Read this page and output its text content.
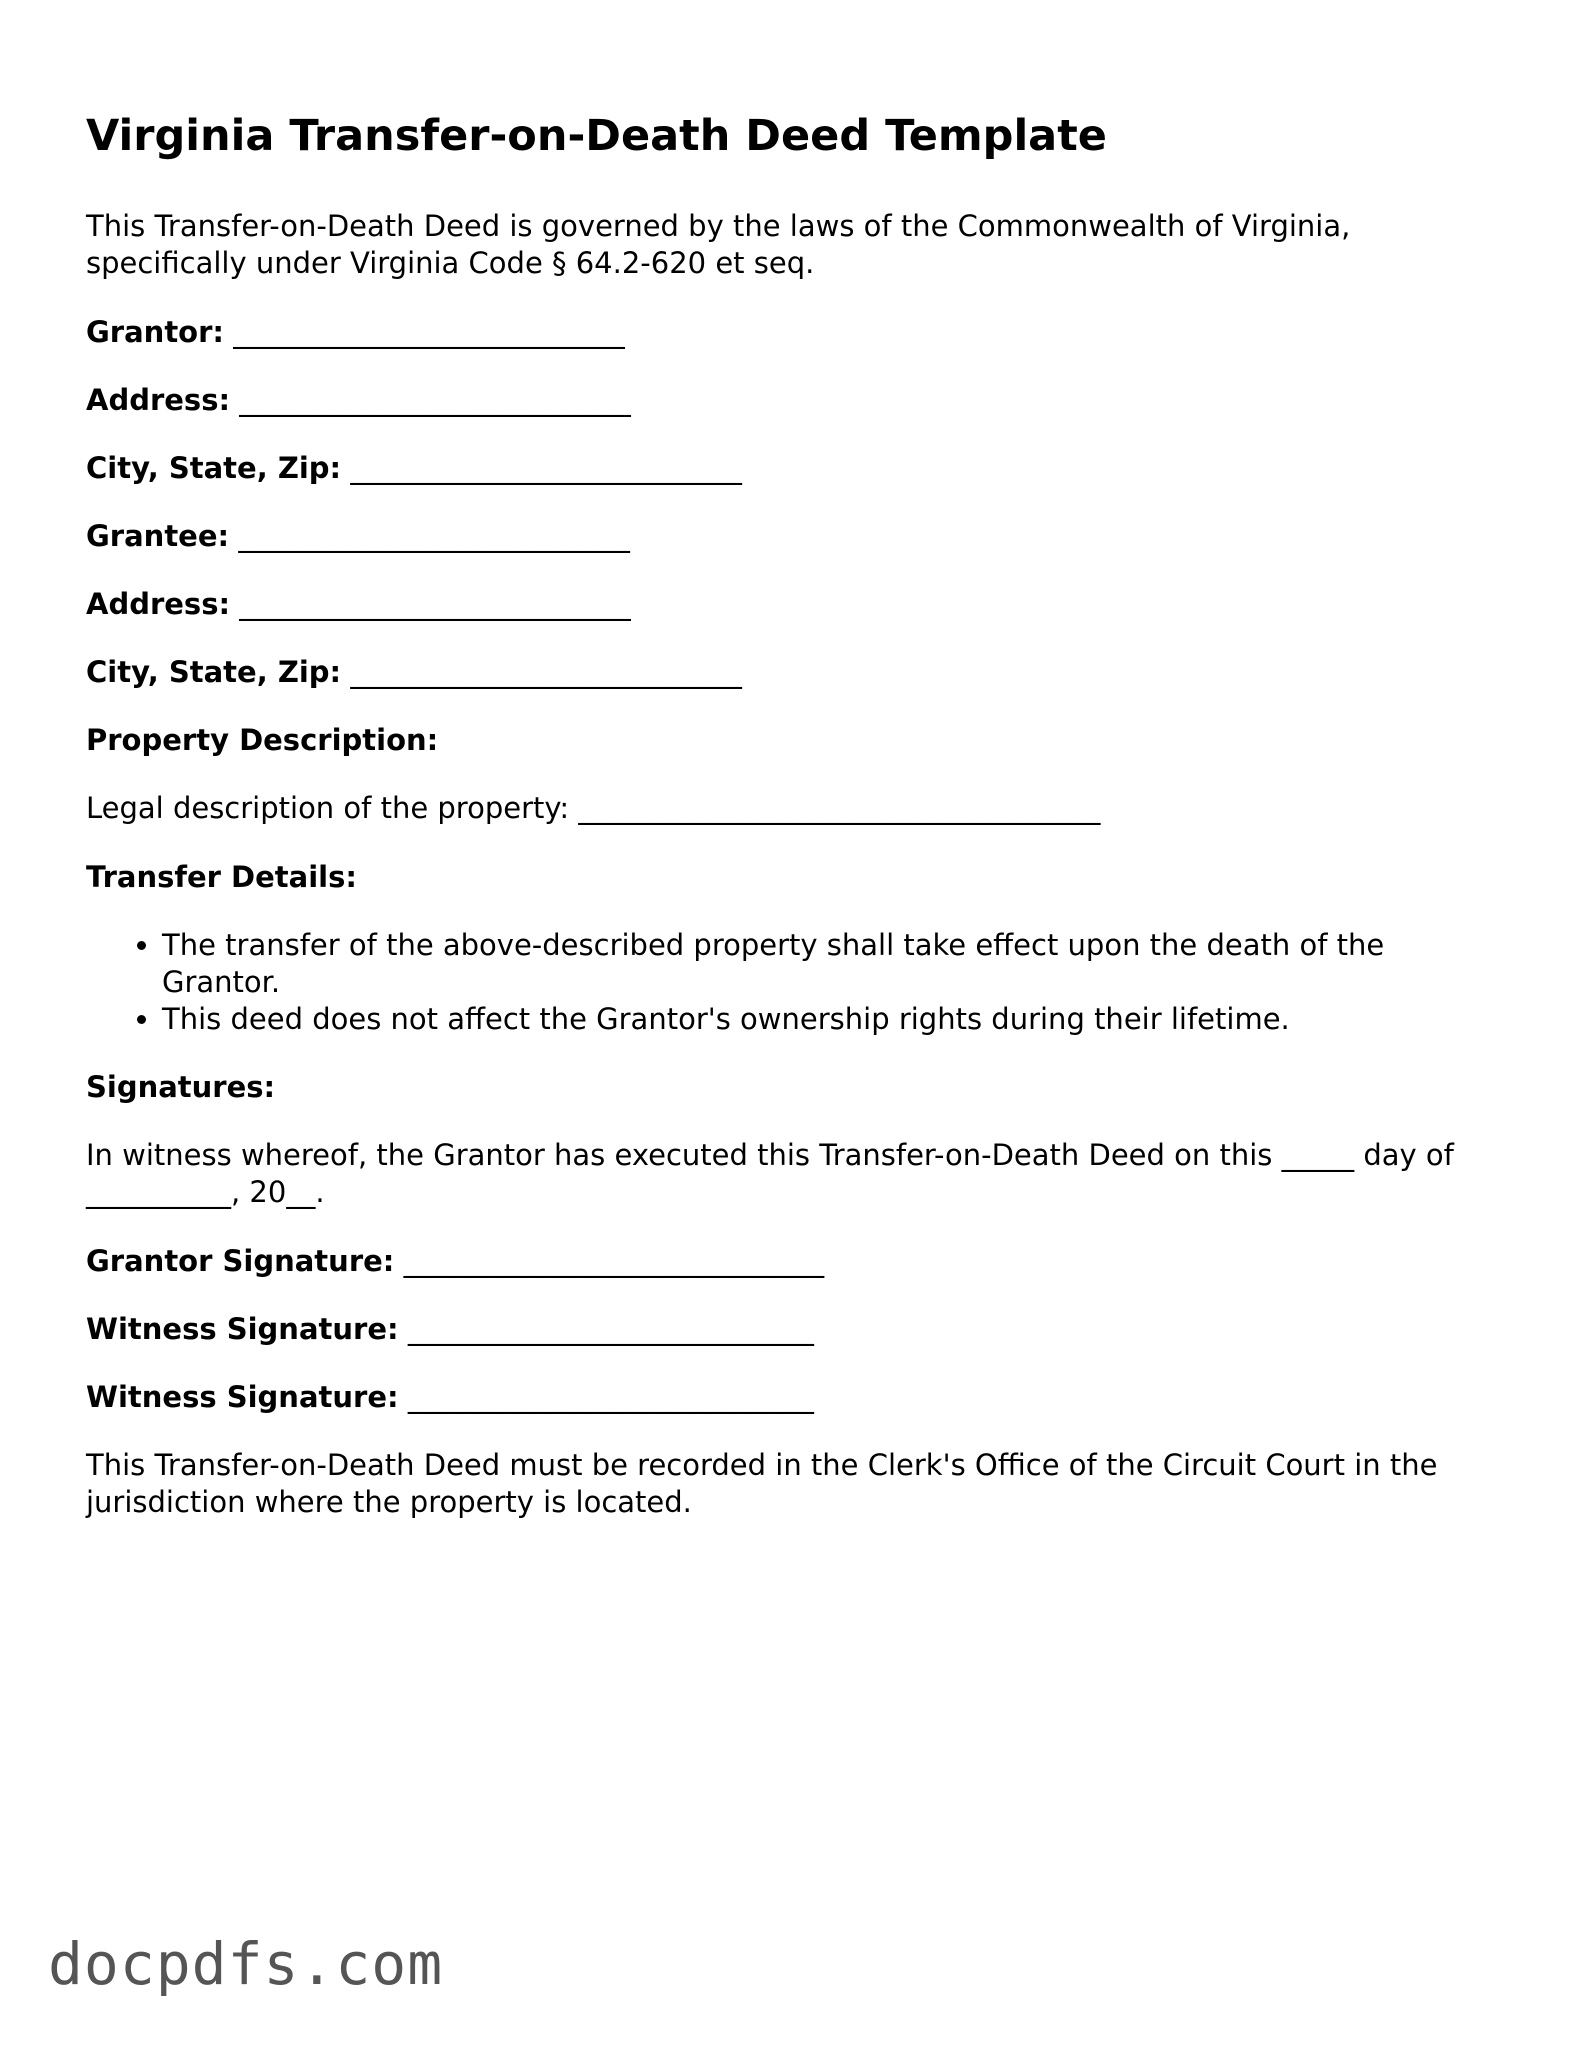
Virginia Transfer-on-Death Deed Template

This Transfer-on-Death Deed is governed by the laws of the Commonwealth of Virginia, specifically under Virginia Code § 64.2-620 et seq.

Grantor: ___________________________
Address: ___________________________
City, State, Zip: ___________________________
Grantee: ___________________________
Address: ___________________________
City, State, Zip: ___________________________
Property Description:

Legal description of the property: ____________________________________

Transfer Details:
• The transfer of the above-described property shall take effect upon the death of the Grantor.
• This deed does not affect the Grantor's ownership rights during their lifetime.
Signatures:

In witness whereof, the Grantor has executed this Transfer-on-Death Deed on this _____ day of __________, 20__.

Grantor Signature: _____________________________
Witness Signature: ____________________________
Witness Signature: ____________________________

This Transfer-on-Death Deed must be recorded in the Clerk's Office of the Circuit Court in the jurisdiction where the property is located.

docpdfs.com
